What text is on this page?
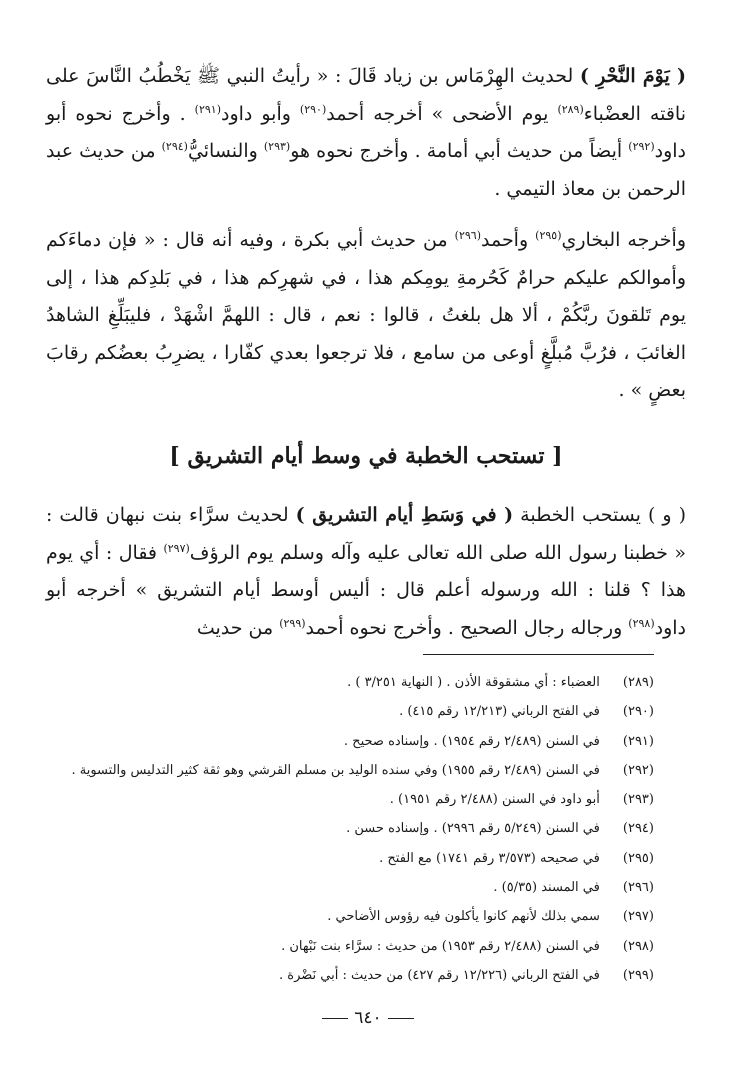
( يَوْمَ النَّحْرِ ) لحديث الهِرْمَاس بن زياد قَالَ : « رأيتُ النبي ﷺ يَخْطُبُ النَّاسَ على ناقته العضْباء$^{(٢٨٩)}$ يوم الأضحى » أخرجه أحمد$^{(٢٩٠)}$ وأبو داود$^{(٢٩١)}$ . وأخرج نحوه أبو داود$^{(٢٩٢)}$ أيضاً من حديث أبي أمامة . وأخرج نحوه هو$^{(٢٩٣)}$ والنسائيُّ$^{(٢٩٤)}$ من حديث عبد الرحمن بن معاذ التيمي .

وأخرجه البخاري$^{(٢٩٥)}$ وأحمد$^{(٢٩٦)}$ من حديث أبي بكرة ، وفيه أنه قال : « فإن دماءَكم وأموالكم عليكم حرامٌ كَحُرمةِ يومِكم هذا ، في شهرِكم هذا ، في بَلدِكم هذا ، إلى يوم تَلقونَ ربَّكُمْ ، ألا هل بلغتُ ، قالوا : نعم ، قال : اللهمَّ اشْهَدْ ، فليبَلِّغِ الشاهدُ الغائبَ ، فرُبَّ مُبلَّغٍ أوعى من سامع ، فلا ترجعوا بعدي كفّارا ، يضرِبُ بعضُكم رقابَ بعضٍ » .

[ تستحب الخطبة في وسط أيام التشريق ]

( و ) يستحب الخطبة ( في وَسَطِ أيام التشريق ) لحديث سرَّاء بنت نبهان قالت : « خطبنا رسول الله صلى الله تعالى عليه وآله وسلم يوم الرؤف$^{(٢٩٧)}$ فقال : أي يوم هذا ؟ قلنا : الله ورسوله أعلم قال : أليس أوسط أيام التشريق » أخرجه أبو داود$^{(٢٩٨)}$ ورجاله رجال الصحيح . وأخرج نحوه أحمد$^{(٢٩٩)}$ من حديث

(٢٨٩) العضباء : أي مشقوقة الأذن . ( النهاية ٣/٢٥١ ) .
(٢٩٠) في الفتح الرباني (١٢/٢١٣ رقم ٤١٥) .
(٢٩١) في السنن (٢/٤٨٩ رقم ١٩٥٤) . وإسناده صحيح .
(٢٩٢) في السنن (٢/٤٨٩ رقم ١٩٥٥) وفي سنده الوليد بن مسلم القرشي وهو ثقة كثير التدليس والتسوية .
(٢٩٣) أبو داود في السنن (٢/٤٨٨ رقم ١٩٥١) .
(٢٩٤) في السنن (٥/٢٤٩ رقم ٢٩٩٦) . وإسناده حسن .
(٢٩٥) في صحيحه (٣/٥٧٣ رقم ١٧٤١) مع الفتح .
(٢٩٦) في المسند (٥/٣٥) .
(٢٩٧) سمي بذلك لأنهم كانوا يأكلون فيه رؤوس الأضاحي .
(٢٩٨) في السنن (٢/٤٨٨ رقم ١٩٥٣) من حديث : سرَّاء بنت نَبْهان .
(٢٩٩) في الفتح الرباني (١٢/٢٢٦ رقم ٤٢٧) من حديث : أبي نَضْرة .
٦٤٠
